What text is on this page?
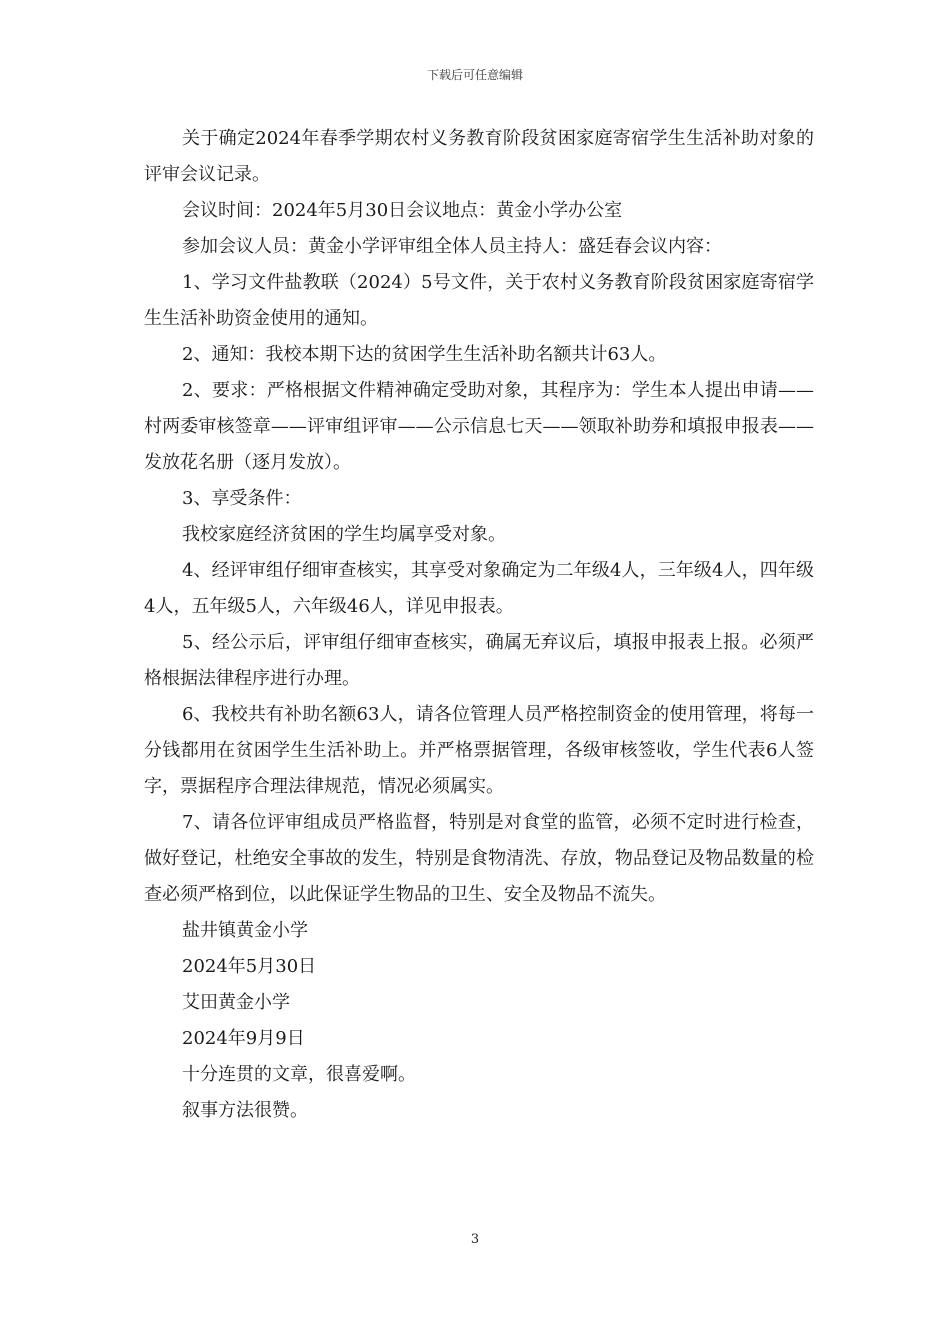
下载后可任意编辑

关于确定2024年春季学期农村义务教育阶段贫困家庭寄宿学生生活补助对象的评审会议记录。

会议时间：2024年5月30日会议地点：黄金小学办公室

参加会议人员：黄金小学评审组全体人员主持人：盛廷春会议内容：

1、学习文件盐教联（2024）5号文件，关于农村义务教育阶段贫困家庭寄宿学生生活补助资金使用的通知。

2、通知：我校本期下达的贫困学生生活补助名额共计63人。

2、要求：严格根据文件精神确定受助对象，其程序为：学生本人提出申请——村两委审核签章——评审组评审——公示信息七天——领取补助券和填报申报表——发放花名册（逐月发放）。

3、享受条件：

我校家庭经济贫困的学生均属享受对象。

4、经评审组仔细审查核实，其享受对象确定为二年级4人，三年级4人，四年级4人，五年级5人，六年级46人，详见申报表。

5、经公示后，评审组仔细审查核实，确属无弃议后，填报申报表上报。必须严格根据法律程序进行办理。

6、我校共有补助名额63人，请各位管理人员严格控制资金的使用管理，将每一分钱都用在贫困学生生活补助上。并严格票据管理，各级审核签收，学生代表6人签字，票据程序合理法律规范，情况必须属实。

7、请各位评审组成员严格监督，特别是对食堂的监管，必须不定时进行检查，做好登记，杜绝安全事故的发生，特别是食物清洗、存放，物品登记及物品数量的检查必须严格到位，以此保证学生物品的卫生、安全及物品不流失。

盐井镇黄金小学

2024年5月30日

艾田黄金小学

2024年9月9日

十分连贯的文章，很喜爱啊。

叙事方法很赞。

3
